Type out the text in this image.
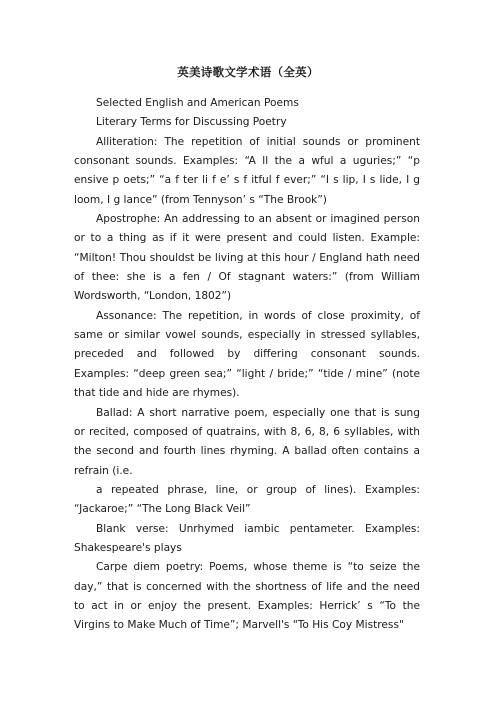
英美诗歌文学术语（全英）

Selected English and American Poems

Literary Terms for Discussing Poetry

Alliteration: The repetition of initial sounds or prominent consonant sounds. Examples: “A ll the a wful a uguries;” “p ensive p oets;” “a f ter li f e’ s f itful f ever;” “I s lip, I s lide, I g loom, I g lance” (from Tennyson’ s “The Brook”)

Apostrophe: An addressing to an absent or imagined person or to a thing as if it were present and could listen. Example: “Milton! Thou shouldst be living at this hour / England hath need of thee: she is a fen / Of stagnant waters:” (from William Wordsworth, “London, 1802”)

Assonance: The repetition, in words of close proximity, of same or similar vowel sounds, especially in stressed syllables, preceded and followed by differing consonant sounds. Examples: “deep green sea;” “light / bride;” “tide / mine” (note that tide and hide are rhymes).

Ballad: A short narrative poem, especially one that is sung or recited, composed of quatrains, with 8, 6, 8, 6 syllables, with the second and fourth lines rhyming. A ballad often contains a refrain (i.e.

a repeated phrase, line, or group of lines). Examples: “Jackaroe;” “The Long Black Veil”

Blank verse: Unrhymed iambic pentameter. Examples: Shakespeare's plays

Carpe diem poetry: Poems, whose theme is “to seize the day,” that is concerned with the shortness of life and the need to act in or enjoy the present. Examples: Herrick’ s “To the Virgins to Make Much of Time”; Marvell's "To His Coy Mistress"
